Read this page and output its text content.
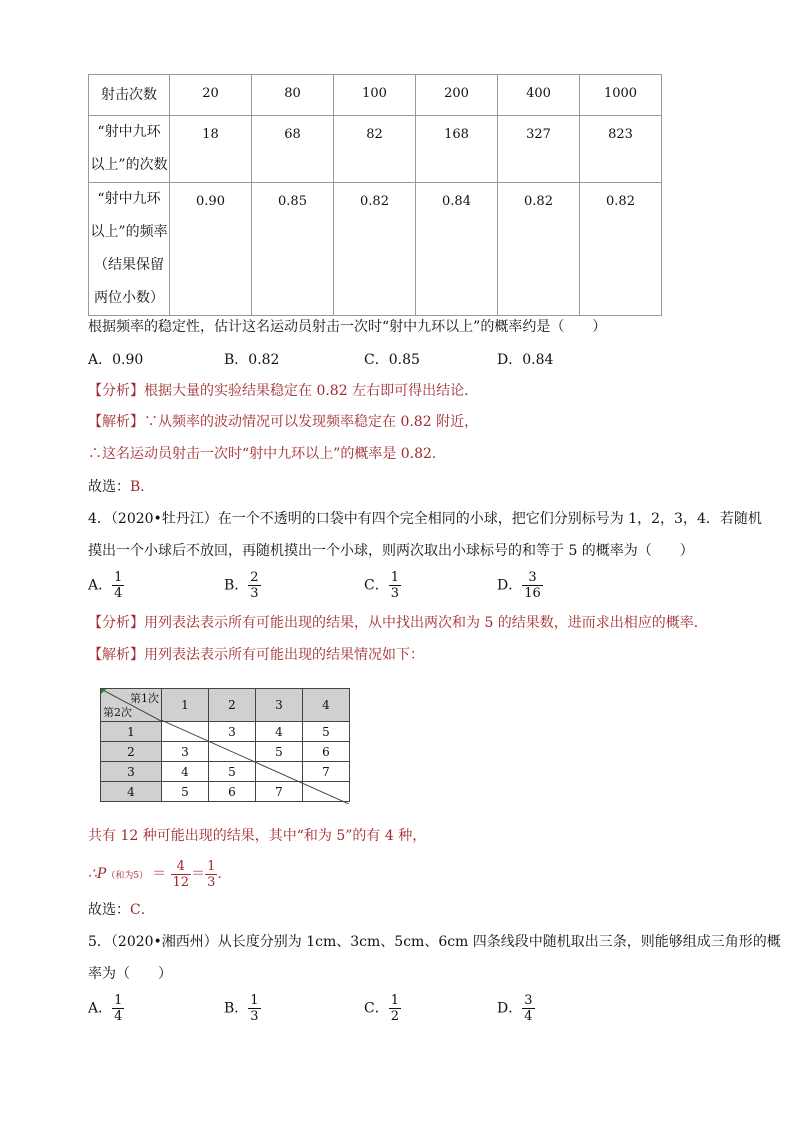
射击次数	20	80	100	200	400	1000

“射中九环
以上”的次数	18	68	82	168	327	823

“射中九环
以上”的频率
（结果保留
两位小数）	0.90	0.85	0.82	0.84	0.82	0.82
根据频率的稳定性，估计这名运动员射击一次时“射中九环以上”的概率约是（　　）
A．0.90	B．0.82	C．0.85	D．0.84
【分析】根据大量的实验结果稳定在 0.82 左右即可得出结论．
【解析】∵从频率的波动情况可以发现频率稳定在 0.82 附近，
∴这名运动员射击一次时“射中九环以上”的概率是 0.82.
故选：B．
4．（2020•牡丹江）在一个不透明的口袋中有四个完全相同的小球，把它们分别标号为 1，2，3，4．若随机
摸出一个小球后不放回，再随机摸出一个小球，则两次取出小球标号的和等于 5 的概率为（　　）
A． $\frac{1}{4}$	B． $\frac{2}{3}$	C． $\frac{1}{3}$	D． $\frac{3}{16}$
【分析】用列表法表示所有可能出现的结果，从中找出两次和为 5 的结果数，进而求出相应的概率．
【解析】用列表法表示所有可能出现的结果情况如下：
第1次
第2次	1	2	3	4
1		3	4	5
2	3		5	6
3	4	5		7
4	5	6	7	
共有 12 种可能出现的结果，其中“和为 5”的有 4 种，
∴P（和为$5) = \frac{4}{12} = \frac{1}{3}$ .
故选：C．
5．（2020•湘西州）从长度分别为 1cm、3cm、5cm、6cm 四条线段中随机取出三条，则能够组成三角形的概
率为（　　）
A． $\frac{1}{4}$	B． $\frac{1}{3}$	C． $\frac{1}{2}$	D． $\frac{3}{4}$
